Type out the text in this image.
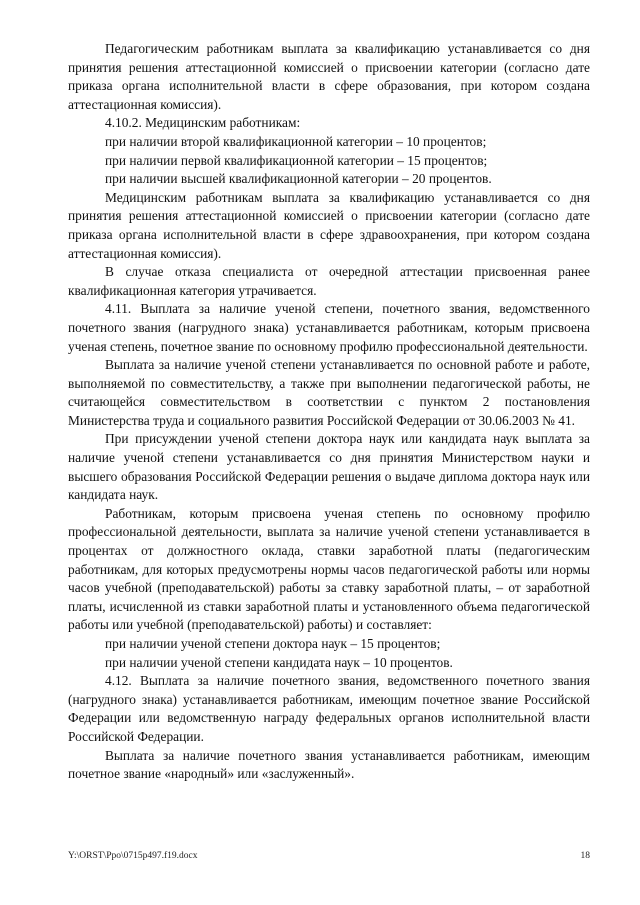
Педагогическим работникам выплата за квалификацию устанавливается со дня принятия решения аттестационной комиссией о присвоении категории (согласно дате приказа органа исполнительной власти в сфере образования, при котором создана аттестационная комиссия).

4.10.2. Медицинским работникам:

при наличии второй квалификационной категории – 10 процентов;

при наличии первой квалификационной категории – 15 процентов;

при наличии высшей квалификационной категории – 20 процентов.

Медицинским работникам выплата за квалификацию устанавливается со дня принятия решения аттестационной комиссией о присвоении категории (согласно дате приказа органа исполнительной власти в сфере здравоохранения, при котором создана аттестационная комиссия).

В случае отказа специалиста от очередной аттестации присвоенная ранее квалификационная категория утрачивается.

4.11. Выплата за наличие ученой степени, почетного звания, ведомственного почетного звания (нагрудного знака) устанавливается работникам, которым присвоена ученая степень, почетное звание по основному профилю профессиональной деятельности.

Выплата за наличие ученой степени устанавливается по основной работе и работе, выполняемой по совместительству, а также при выполнении педагогической работы, не считающейся совместительством в соответствии с пунктом 2 постановления Министерства труда и социального развития Российской Федерации от 30.06.2003 № 41.

При присуждении ученой степени доктора наук или кандидата наук выплата за наличие ученой степени устанавливается со дня принятия Министерством науки и высшего образования Российской Федерации решения о выдаче диплома доктора наук или кандидата наук.

Работникам, которым присвоена ученая степень по основному профилю профессиональной деятельности, выплата за наличие ученой степени устанавливается в процентах от должностного оклада, ставки заработной платы (педагогическим работникам, для которых предусмотрены нормы часов педагогической работы или нормы часов учебной (преподавательской) работы за ставку заработной платы, – от заработной платы, исчисленной из ставки заработной платы и установленного объема педагогической работы или учебной (преподавательской) работы) и составляет:

при наличии ученой степени доктора наук – 15 процентов;

при наличии ученой степени кандидата наук – 10 процентов.

4.12. Выплата за наличие почетного звания, ведомственного почетного звания (нагрудного знака) устанавливается работникам, имеющим почетное звание Российской Федерации или ведомственную награду федеральных органов исполнительной власти Российской Федерации.

Выплата за наличие почетного звания устанавливается работникам, имеющим почетное звание «народный» или «заслуженный».

Y:\ORST\Ppo\0715p497.f19.docx	18
